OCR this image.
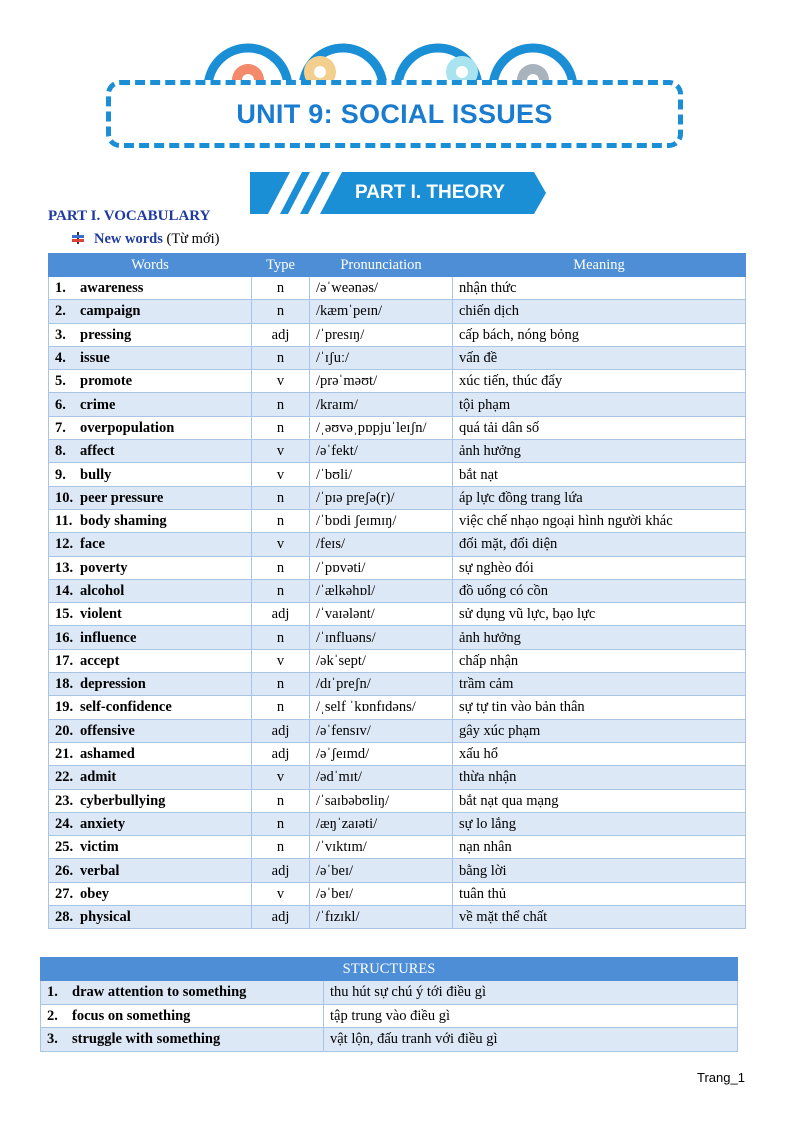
UNIT 9: SOCIAL ISSUES
PART I. THEORY
PART I. VOCABULARY
New words (Từ mới)
Words	Type	Pronunciation	Meaning
1. awareness	n	/əˈweənəs/	nhận thức
2. campaign	n	/kæmˈpeɪn/	chiến dịch
3. pressing	adj	/ˈpresɪŋ/	cấp bách, nóng bỏng
4. issue	n	/ˈɪʃuː/	vấn đề
5. promote	v	/prəˈməʊt/	xúc tiến, thúc đẩy
6. crime	n	/kraɪm/	tội phạm
7. overpopulation	n	/ˌəʊvəˌpɒpjuˈleɪʃn/	quá tải dân số
8. affect	v	/əˈfekt/	ảnh hưởng
9. bully	v	/ˈbʊli/	bắt nạt
10. peer pressure	n	/ˈpɪə preʃə(r)/	áp lực đồng trang lứa
11. body shaming	n	/ˈbɒdi ʃeɪmɪŋ/	việc chế nhạo ngoại hình người khác
12. face	v	/feɪs/	đối mặt, đối diện
13. poverty	n	/ˈpɒvəti/	sự nghèo đói
14. alcohol	n	/ˈælkəhɒl/	đồ uống có cồn
15. violent	adj	/ˈvaɪələnt/	sử dụng vũ lực, bạo lực
16. influence	n	/ˈɪnfluəns/	ảnh hưởng
17. accept	v	/əkˈsept/	chấp nhận
18. depression	n	/dɪˈpreʃn/	trầm cảm
19. self-confidence	n	/ˌself ˈkɒnfɪdəns/	sự tự tin vào bản thân
20. offensive	adj	/əˈfensɪv/	gây xúc phạm
21. ashamed	adj	/əˈʃeɪmd/	xấu hổ
22. admit	v	/ədˈmɪt/	thừa nhận
23. cyberbullying	n	/ˈsaɪbəbʊliŋ/	bắt nạt qua mạng
24. anxiety	n	/æŋˈzaɪəti/	sự lo lắng
25. victim	n	/ˈvɪktɪm/	nạn nhân
26. verbal	adj	/əˈbeɪ/	bằng lời
27. obey	v	/əˈbeɪ/	tuân thủ
28. physical	adj	/ˈfɪzɪkl/	về mặt thể chất
STRUCTURES	
1. draw attention to something	thu hút sự chú ý tới điều gì
2. focus on something	tập trung vào điều gì
3. struggle with something	vật lộn, đấu tranh với điều gì
Trang_1
